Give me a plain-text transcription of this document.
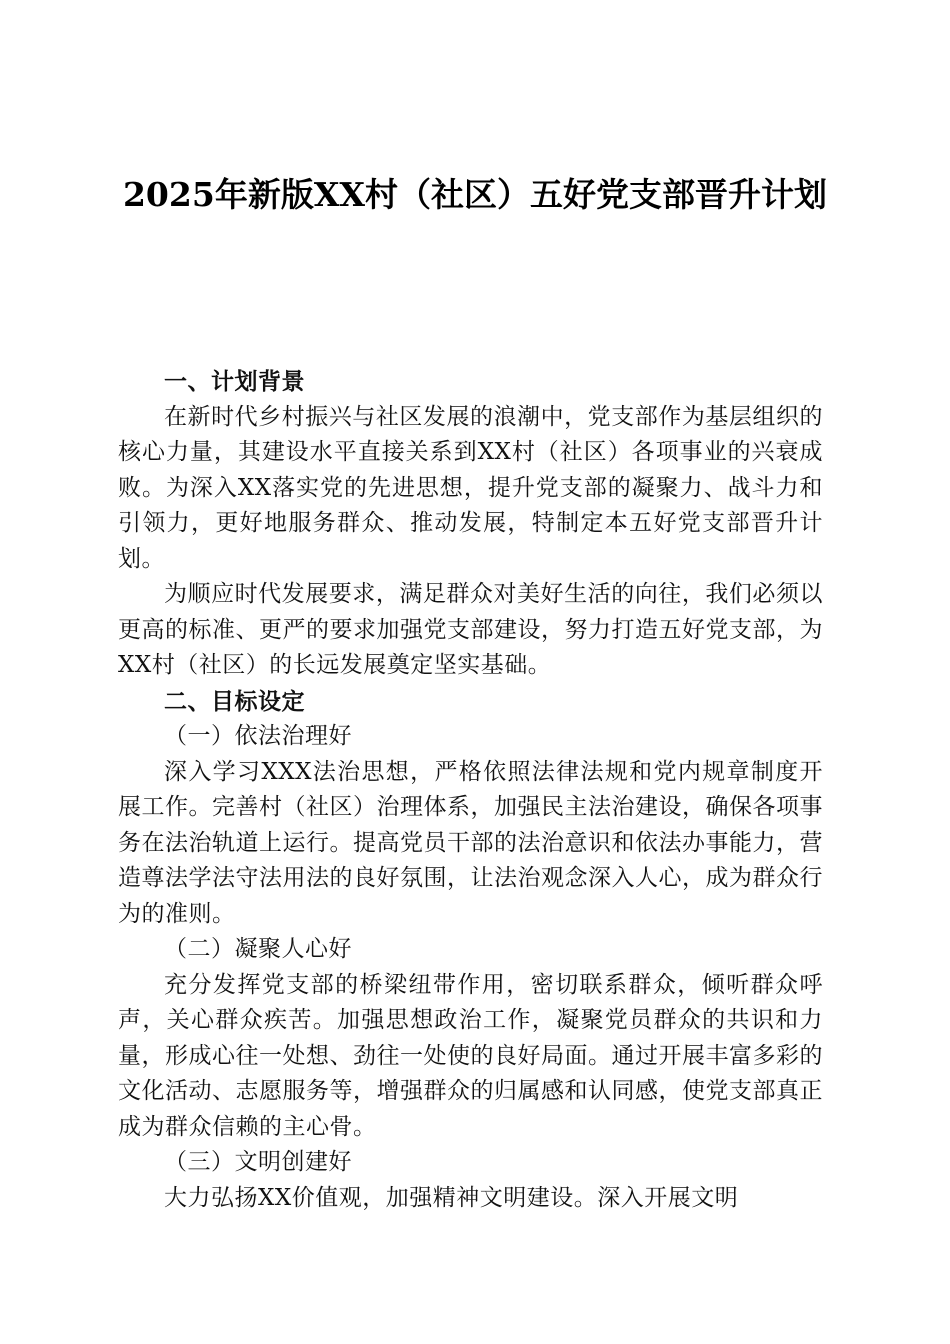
2025年新版XX村（社区）五好党支部晋升计划
一、计划背景

在新时代乡村振兴与社区发展的浪潮中，党支部作为基层组织的核心力量，其建设水平直接关系到XX村（社区）各项事业的兴衰成败。为深入XX落实党的先进思想，提升党支部的凝聚力、战斗力和引领力，更好地服务群众、推动发展，特制定本五好党支部晋升计划。

为顺应时代发展要求，满足群众对美好生活的向往，我们必须以更高的标准、更严的要求加强党支部建设，努力打造五好党支部，为XX村（社区）的长远发展奠定坚实基础。

二、目标设定
（一）依法治理好

深入学习XXX法治思想，严格依照法律法规和党内规章制度开展工作。完善村（社区）治理体系，加强民主法治建设，确保各项事务在法治轨道上运行。提高党员干部的法治意识和依法办事能力，营造尊法学法守法用法的良好氛围，让法治观念深入人心，成为群众行为的准则。

（二）凝聚人心好

充分发挥党支部的桥梁纽带作用，密切联系群众，倾听群众呼声，关心群众疾苦。加强思想政治工作，凝聚党员群众的共识和力量，形成心往一处想、劲往一处使的良好局面。通过开展丰富多彩的文化活动、志愿服务等，增强群众的归属感和认同感，使党支部真正成为群众信赖的主心骨。

（三）文明创建好

大力弘扬XX价值观，加强精神文明建设。深入开展文明
